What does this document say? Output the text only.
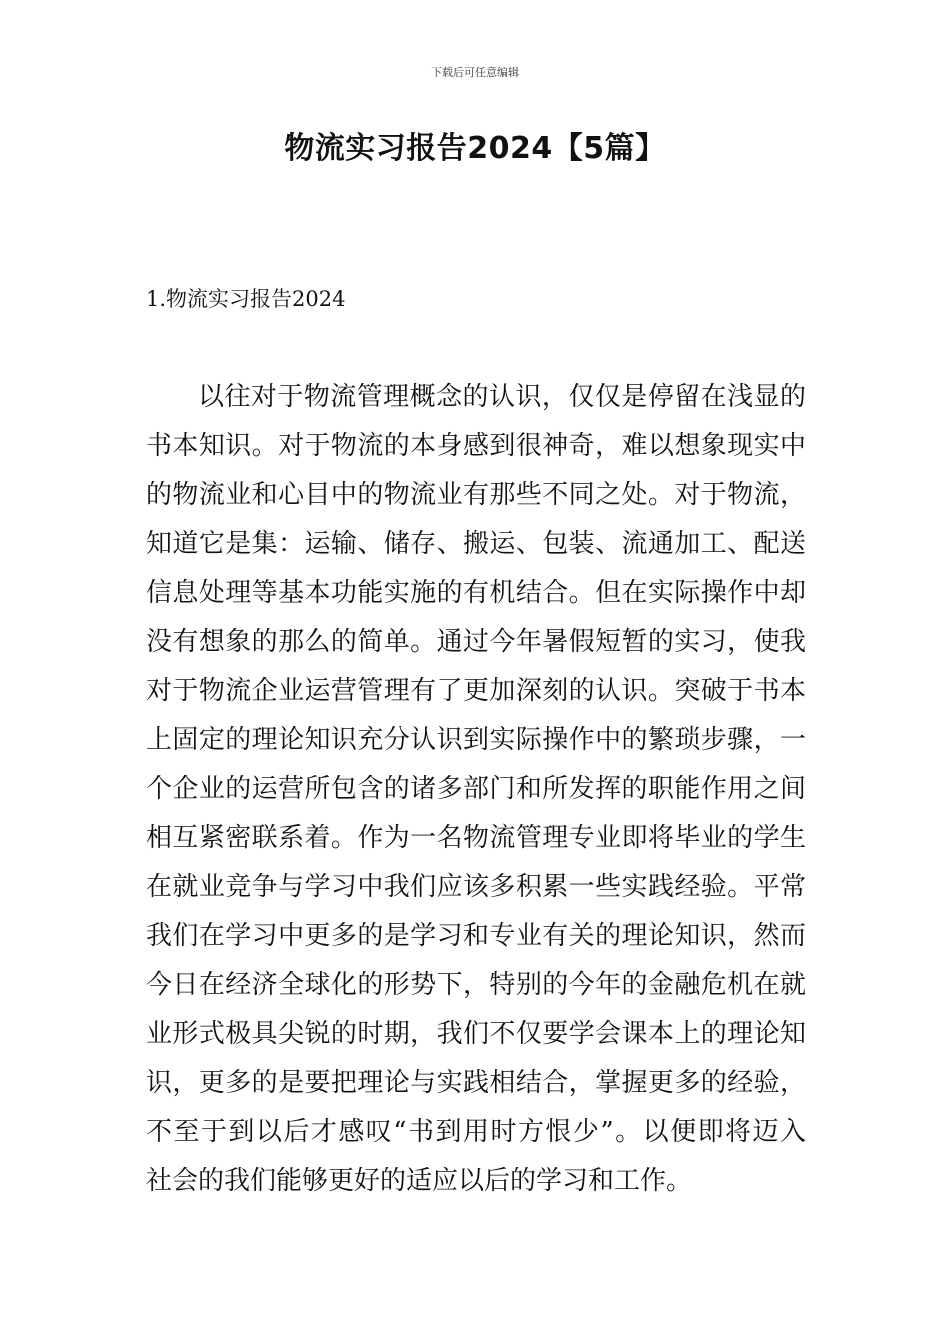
下载后可任意编辑
物流实习报告2024【5篇】
1.物流实习报告2024
以往对于物流管理概念的认识，仅仅是停留在浅显的
书本知识。对于物流的本身感到很神奇，难以想象现实中
的物流业和心目中的物流业有那些不同之处。对于物流，
知道它是集：运输、储存、搬运、包装、流通加工、配送
信息处理等基本功能实施的有机结合。但在实际操作中却
没有想象的那么的简单。通过今年暑假短暂的实习，使我
对于物流企业运营管理有了更加深刻的认识。突破于书本
上固定的理论知识充分认识到实际操作中的繁琐步骤，一
个企业的运营所包含的诸多部门和所发挥的职能作用之间
相互紧密联系着。作为一名物流管理专业即将毕业的学生
在就业竞争与学习中我们应该多积累一些实践经验。平常
我们在学习中更多的是学习和专业有关的理论知识，然而
今日在经济全球化的形势下，特别的今年的金融危机在就
业形式极具尖锐的时期，我们不仅要学会课本上的理论知
识，更多的是要把理论与实践相结合，掌握更多的经验，
不至于到以后才感叹“书到用时方恨少”。以便即将迈入
社会的我们能够更好的适应以后的学习和工作。
